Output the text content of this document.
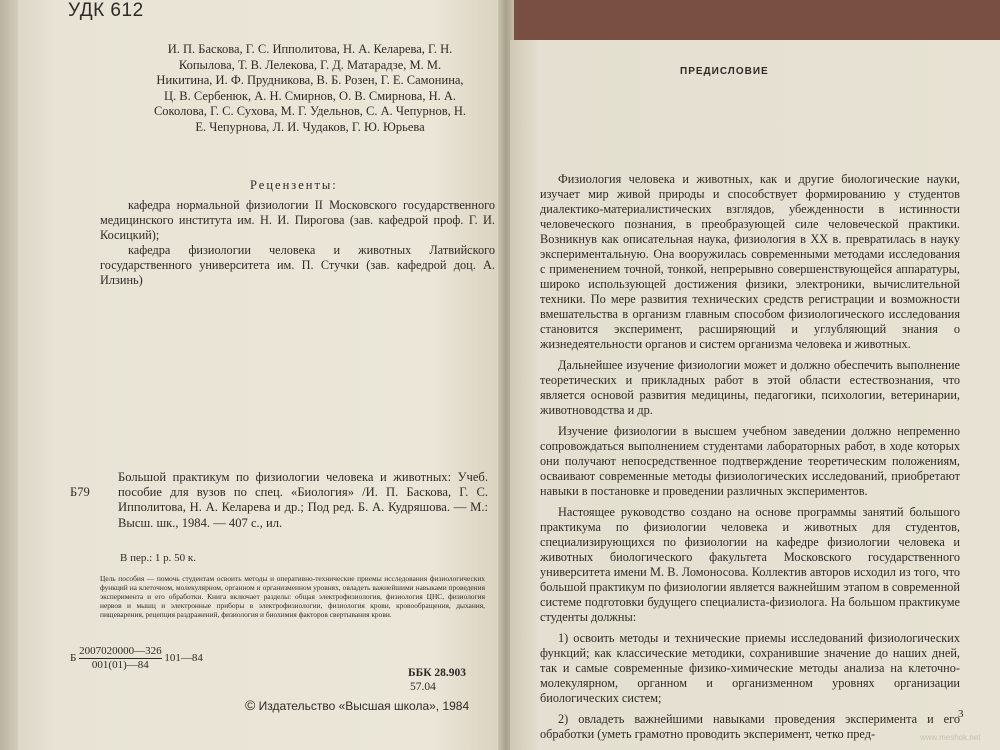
УДК 612
И. П. Баскова, Г. С. Ипполитова, Н. А. Келарева, Г. Н. Копылова, Т. В. Лелекова, Г. Д. Матарадзе, М. М. Никитина, И. Ф. Прудникова, В. Б. Розен, Г. Е. Самонина, Ц. В. Сербенюк, А. Н. Смирнов, О. В. Смирнова, Н. А. Соколова, Г. С. Сухова, М. Г. Удельнов, С. А. Чепурнов, Н. Е. Чепурнова, Л. И. Чудаков, Г. Ю. Юрьева
Рецензенты:

кафедра нормальной физиологии II Московского государственного медицинского института им. Н. И. Пирогова (зав. кафедрой проф. Г. И. Косицкий);

кафедра физиологии человека и животных Латвийского государственного университета им. П. Стучки (зав. кафедрой доц. А. Илзинь)

Б79

Большой практикум по физиологии человека и животных: Учеб. пособие для вузов по спец. «Биология» /И. П. Баскова, Г. С. Ипполитова, Н. А. Келарева и др.; Под ред. Б. А. Кудряшова. — М.: Высш. шк., 1984. — 407 с., ил.

В пер.: 1 р. 50 к.
Цель пособия — помочь студентам освоить методы и оперативно-технические приемы исследования физиологических функций на клеточном, молекулярном, органном и организменном уровнях, овладеть важнейшими навыками проведения эксперимента и его обработки. Книга включает разделы: общая электрофизиология, физиология ЦНС, физиология нервов и мышц и электронные приборы в электрофизиологии, физиология крови, кровообращения, дыхания, пищеварения, рецепция раздражений, физиология и биохимия факторов свертывания крови.
Б $\frac{2007020000—326}{001(01)—84}$ 101—84
ББК 28.903
57.04
© Издательство «Высшая школа», 1984
ПРЕДИСЛОВИЕ

Физиология человека и животных, как и другие биологические науки, изучает мир живой природы и способствует формированию у студентов диалектико-материалистических взглядов, убежденности в истинности человеческого познания, в преобразующей силе человеческой практики. Возникнув как описательная наука, физиология в XX в. превратилась в науку экспериментальную. Она вооружилась современными методами исследования с применением точной, тонкой, непрерывно совершенствующейся аппаратуры, широко использующей достижения физики, электроники, вычислительной техники. По мере развития технических средств регистрации и возможности вмешательства в организм главным способом физиологического исследования становится эксперимент, расширяющий и углубляющий знания о жизнедеятельности органов и систем организма человека и животных.

Дальнейшее изучение физиологии может и должно обеспечить выполнение теоретических и прикладных работ в этой области естествознания, что является основой развития медицины, педагогики, психологии, ветеринарии, животноводства и др.

Изучение физиологии в высшем учебном заведении должно непременно сопровождаться выполнением студентами лабораторных работ, в ходе которых они получают непосредственное подтверждение теоретическим положениям, осваивают современные методы физиологических исследований, приобретают навыки в постановке и проведении различных экспериментов.

Настоящее руководство создано на основе программы занятий большого практикума по физиологии человека и животных для студентов, специализирующихся по физиологии на кафедре физиологии человека и животных биологического факультета Московского государственного университета имени М. В. Ломоносова. Коллектив авторов исходил из того, что большой практикум по физиологии является важнейшим этапом в современной системе подготовки будущего специалиста-физиолога. На большом практикуме студенты должны:

1) освоить методы и технические приемы исследований физиологических функций; как классические методики, сохранившие значение до наших дней, так и самые современные физико-химические методы анализа на клеточно-молекулярном, органном и организменном уровнях организации биологических систем;

2) овладеть важнейшими навыками проведения эксперимента и его обработки (уметь грамотно проводить эксперимент, четко пред-

3
www.meshok.net
